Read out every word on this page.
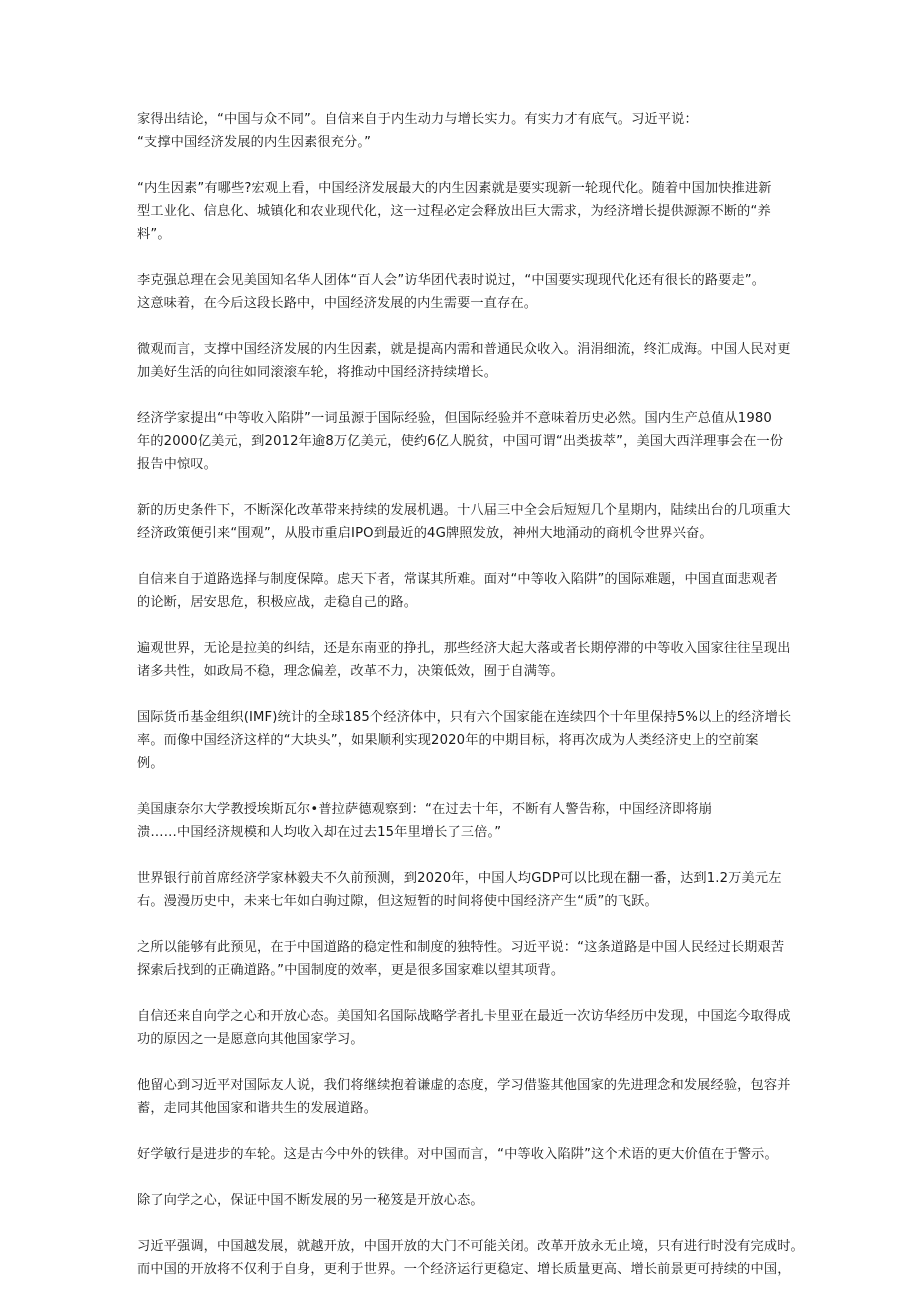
家得出结论，“中国与众不同”。自信来自于内生动力与增长实力。有实力才有底气。习近平说：
“支撑中国经济发展的内生因素很充分。”

“内生因素”有哪些?宏观上看，中国经济发展最大的内生因素就是要实现新一轮现代化。随着中国加快推进新
型工业化、信息化、城镇化和农业现代化，这一过程必定会释放出巨大需求，为经济增长提供源源不断的“养
料”。

李克强总理在会见美国知名华人团体“百人会”访华团代表时说过，“中国要实现现代化还有很长的路要走”。
这意味着，在今后这段长路中，中国经济发展的内生需要一直存在。

微观而言，支撑中国经济发展的内生因素，就是提高内需和普通民众收入。涓涓细流，终汇成海。中国人民对更
加美好生活的向往如同滚滚车轮，将推动中国经济持续增长。

经济学家提出“中等收入陷阱”一词虽源于国际经验，但国际经验并不意味着历史必然。国内生产总值从1980
年的2000亿美元，到2012年逾8万亿美元，使约6亿人脱贫，中国可谓“出类拔萃”，美国大西洋理事会在一份
报告中惊叹。

新的历史条件下，不断深化改革带来持续的发展机遇。十八届三中全会后短短几个星期内，陆续出台的几项重大
经济政策便引来“围观”，从股市重启IPO到最近的4G牌照发放，神州大地涌动的商机令世界兴奋。

自信来自于道路选择与制度保障。虑天下者，常谋其所难。面对“中等收入陷阱”的国际难题，中国直面悲观者
的论断，居安思危，积极应战，走稳自己的路。

遍观世界，无论是拉美的纠结，还是东南亚的挣扎，那些经济大起大落或者长期停滞的中等收入国家往往呈现出
诸多共性，如政局不稳，理念偏差，改革不力，决策低效，囿于自满等。

国际货币基金组织(IMF)统计的全球185个经济体中，只有六个国家能在连续四个十年里保持5%以上的经济增长
率。而像中国经济这样的“大块头”，如果顺利实现2020年的中期目标，将再次成为人类经济史上的空前案
例。

美国康奈尔大学教授埃斯瓦尔•普拉萨德观察到：“在过去十年，不断有人警告称，中国经济即将崩
溃……中国经济规模和人均收入却在过去15年里增长了三倍。”

世界银行前首席经济学家林毅夫不久前预测，到2020年，中国人均GDP可以比现在翻一番，达到1.2万美元左
右。漫漫历史中，未来七年如白驹过隙，但这短暂的时间将使中国经济产生“质”的飞跃。

之所以能够有此预见，在于中国道路的稳定性和制度的独特性。习近平说：“这条道路是中国人民经过长期艰苦
探索后找到的正确道路。”中国制度的效率，更是很多国家难以望其项背。

自信还来自向学之心和开放心态。美国知名国际战略学者扎卡里亚在最近一次访华经历中发现，中国迄今取得成
功的原因之一是愿意向其他国家学习。

他留心到习近平对国际友人说，我们将继续抱着谦虚的态度，学习借鉴其他国家的先进理念和发展经验，包容并
蓄，走同其他国家和谐共生的发展道路。

好学敏行是进步的车轮。这是古今中外的铁律。对中国而言，“中等收入陷阱”这个术语的更大价值在于警示。

除了向学之心，保证中国不断发展的另一秘笈是开放心态。

习近平强调，中国越发展，就越开放，中国开放的大门不可能关闭。改革开放永无止境，只有进行时没有完成时。
而中国的开放将不仅利于自身，更利于世界。一个经济运行更稳定、增长质量更高、增长前景更可持续的中国，
